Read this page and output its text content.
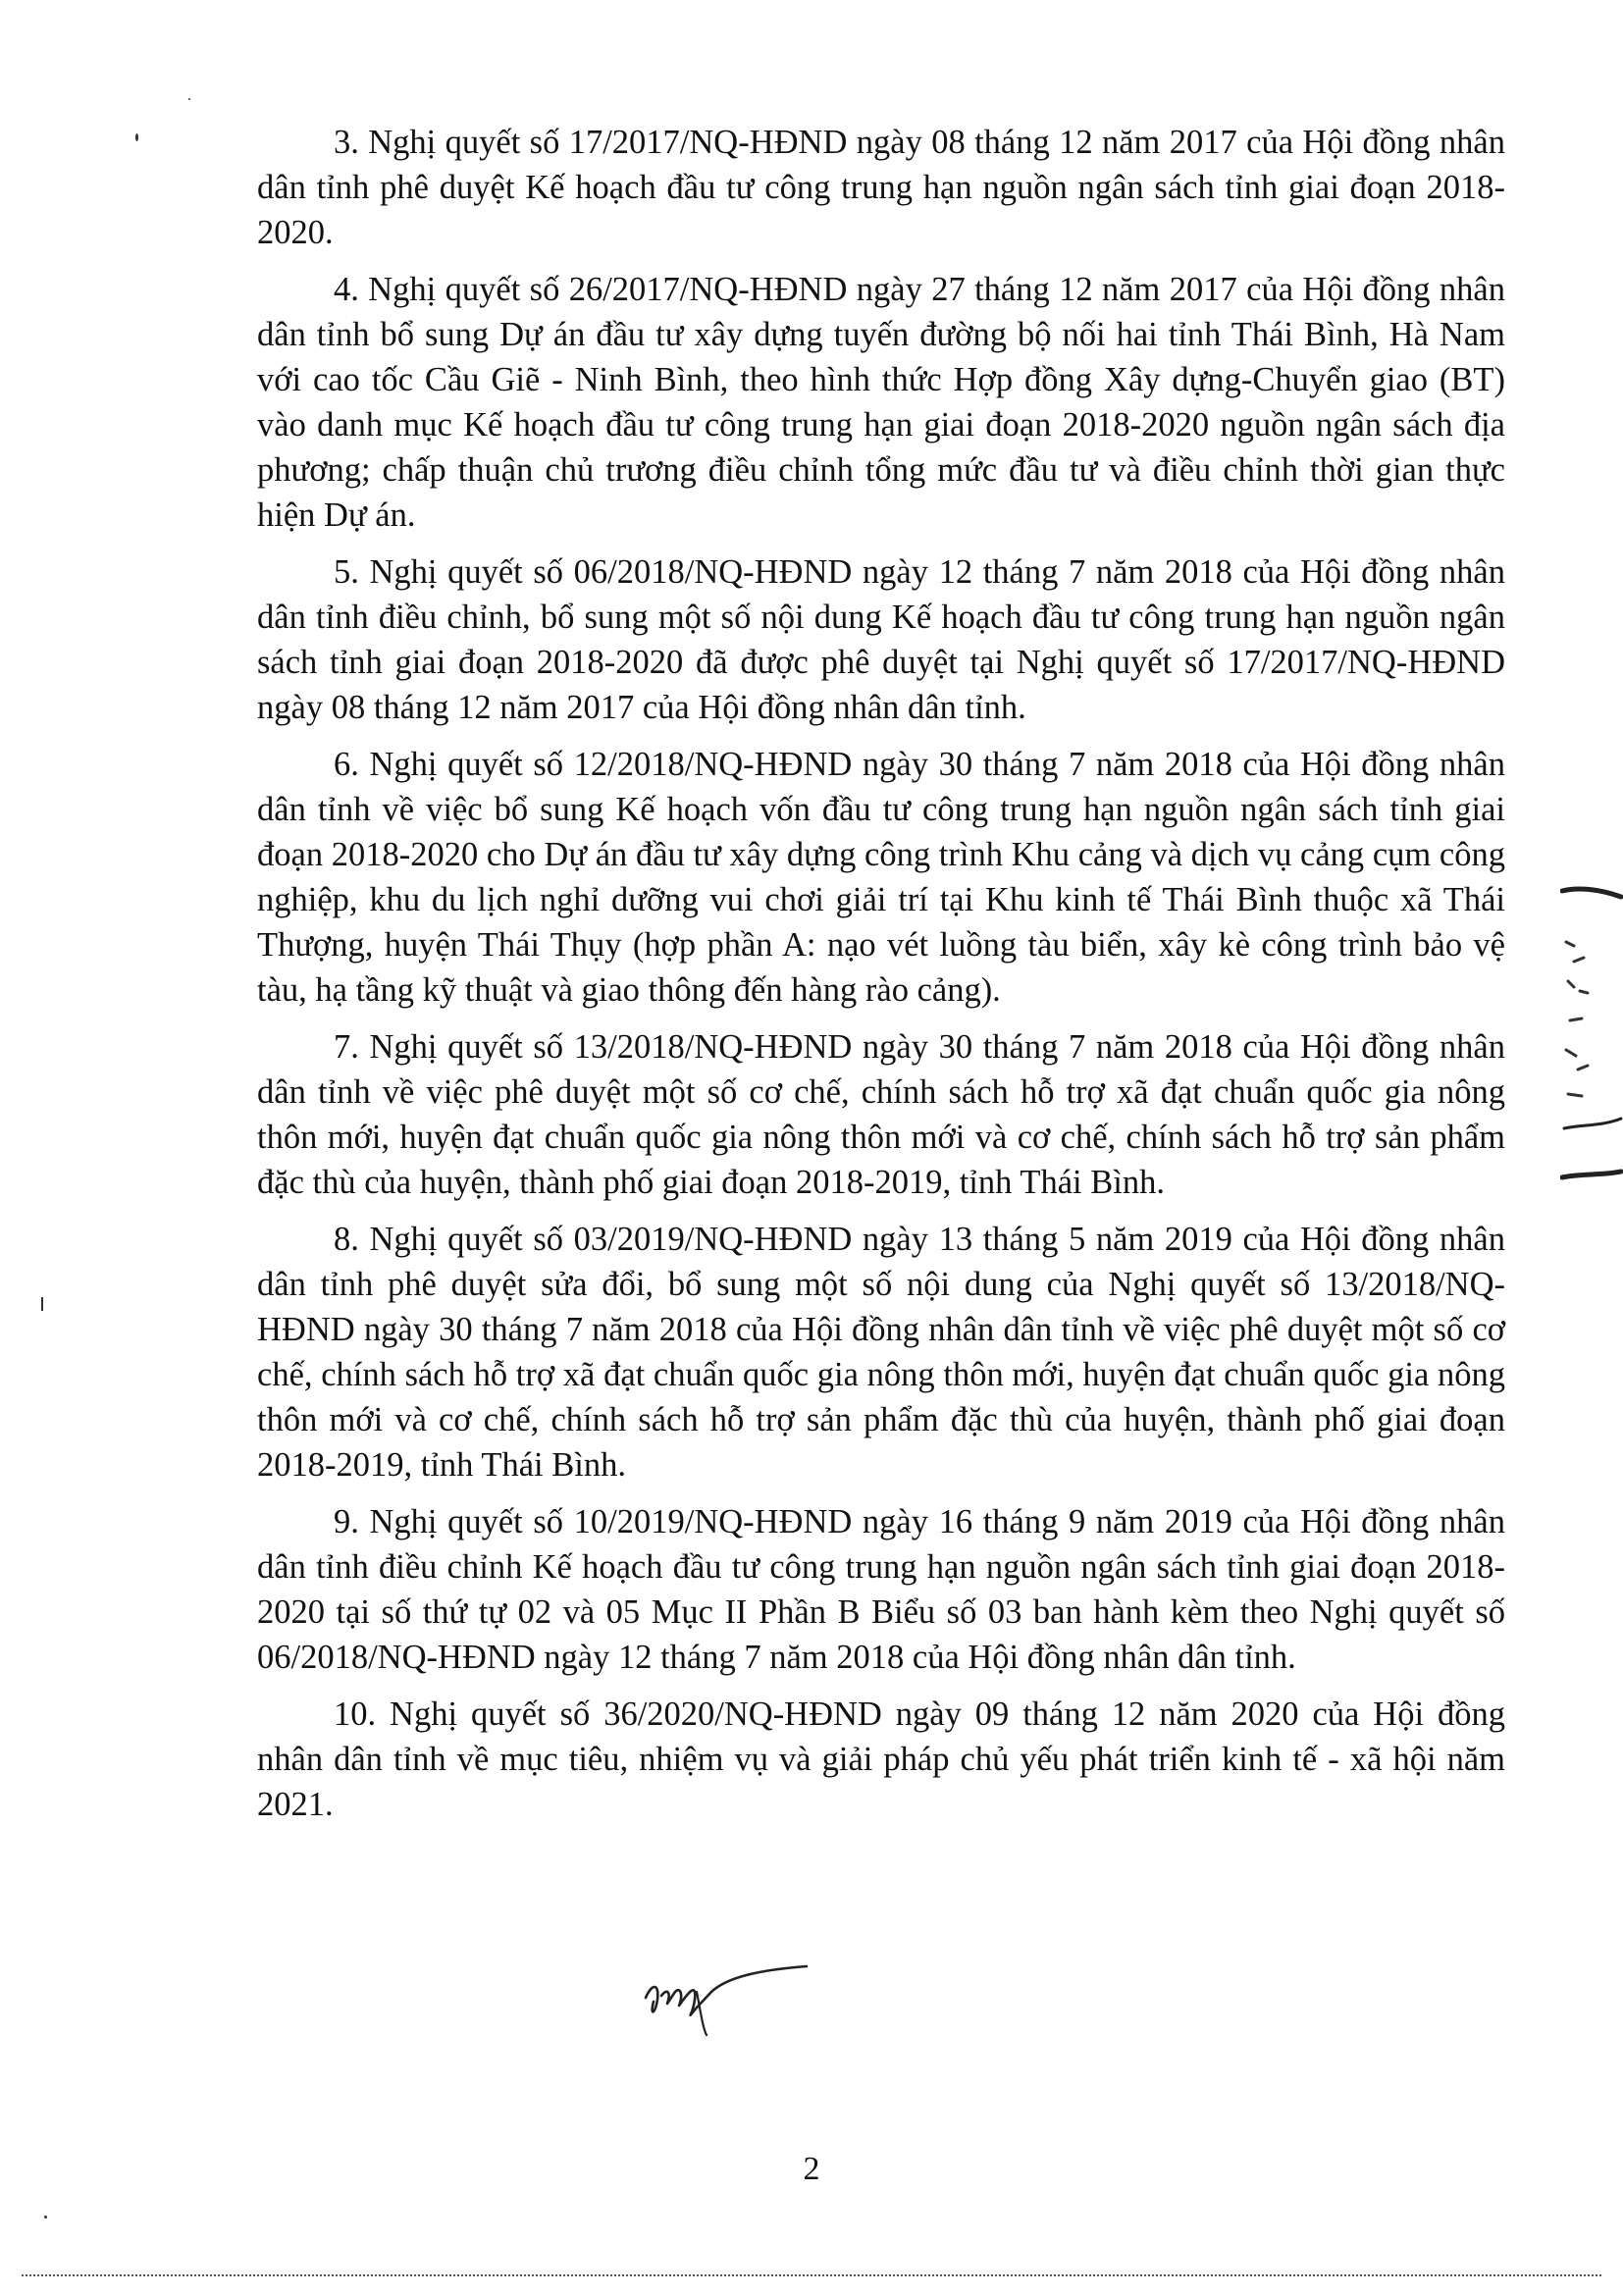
3. Nghị quyết số 17/2017/NQ-HĐND ngày 08 tháng 12 năm 2017 của Hội đồng nhân dân tỉnh phê duyệt Kế hoạch đầu tư công trung hạn nguồn ngân sách tỉnh giai đoạn 2018-2020.

4. Nghị quyết số 26/2017/NQ-HĐND ngày 27 tháng 12 năm 2017 của Hội đồng nhân dân tỉnh bổ sung Dự án đầu tư xây dựng tuyến đường bộ nối hai tỉnh Thái Bình, Hà Nam với cao tốc Cầu Giẽ - Ninh Bình, theo hình thức Hợp đồng Xây dựng-Chuyển giao (BT) vào danh mục Kế hoạch đầu tư công trung hạn giai đoạn 2018-2020 nguồn ngân sách địa phương; chấp thuận chủ trương điều chỉnh tổng mức đầu tư và điều chỉnh thời gian thực hiện Dự án.

5. Nghị quyết số 06/2018/NQ-HĐND ngày 12 tháng 7 năm 2018 của Hội đồng nhân dân tỉnh điều chỉnh, bổ sung một số nội dung Kế hoạch đầu tư công trung hạn nguồn ngân sách tỉnh giai đoạn 2018-2020 đã được phê duyệt tại Nghị quyết số 17/2017/NQ-HĐND ngày 08 tháng 12 năm 2017 của Hội đồng nhân dân tỉnh.

6. Nghị quyết số 12/2018/NQ-HĐND ngày 30 tháng 7 năm 2018 của Hội đồng nhân dân tỉnh về việc bổ sung Kế hoạch vốn đầu tư công trung hạn nguồn ngân sách tỉnh giai đoạn 2018-2020 cho Dự án đầu tư xây dựng công trình Khu cảng và dịch vụ cảng cụm công nghiệp, khu du lịch nghỉ dưỡng vui chơi giải trí tại Khu kinh tế Thái Bình thuộc xã Thái Thượng, huyện Thái Thụy (hợp phần A: nạo vét luồng tàu biển, xây kè công trình bảo vệ tàu, hạ tầng kỹ thuật và giao thông đến hàng rào cảng).

7. Nghị quyết số 13/2018/NQ-HĐND ngày 30 tháng 7 năm 2018 của Hội đồng nhân dân tỉnh về việc phê duyệt một số cơ chế, chính sách hỗ trợ xã đạt chuẩn quốc gia nông thôn mới, huyện đạt chuẩn quốc gia nông thôn mới và cơ chế, chính sách hỗ trợ sản phẩm đặc thù của huyện, thành phố giai đoạn 2018-2019, tỉnh Thái Bình.

8. Nghị quyết số 03/2019/NQ-HĐND ngày 13 tháng 5 năm 2019 của Hội đồng nhân dân tỉnh phê duyệt sửa đổi, bổ sung một số nội dung của Nghị quyết số 13/2018/NQ-HĐND ngày 30 tháng 7 năm 2018 của Hội đồng nhân dân tỉnh về việc phê duyệt một số cơ chế, chính sách hỗ trợ xã đạt chuẩn quốc gia nông thôn mới, huyện đạt chuẩn quốc gia nông thôn mới và cơ chế, chính sách hỗ trợ sản phẩm đặc thù của huyện, thành phố giai đoạn 2018-2019, tỉnh Thái Bình.

9. Nghị quyết số 10/2019/NQ-HĐND ngày 16 tháng 9 năm 2019 của Hội đồng nhân dân tỉnh điều chỉnh Kế hoạch đầu tư công trung hạn nguồn ngân sách tỉnh giai đoạn 2018-2020 tại số thứ tự 02 và 05 Mục II Phần B Biểu số 03 ban hành kèm theo Nghị quyết số 06/2018/NQ-HĐND ngày 12 tháng 7 năm 2018 của Hội đồng nhân dân tỉnh.

10. Nghị quyết số 36/2020/NQ-HĐND ngày 09 tháng 12 năm 2020 của Hội đồng nhân dân tỉnh về mục tiêu, nhiệm vụ và giải pháp chủ yếu phát triển kinh tế - xã hội năm 2021.

2
